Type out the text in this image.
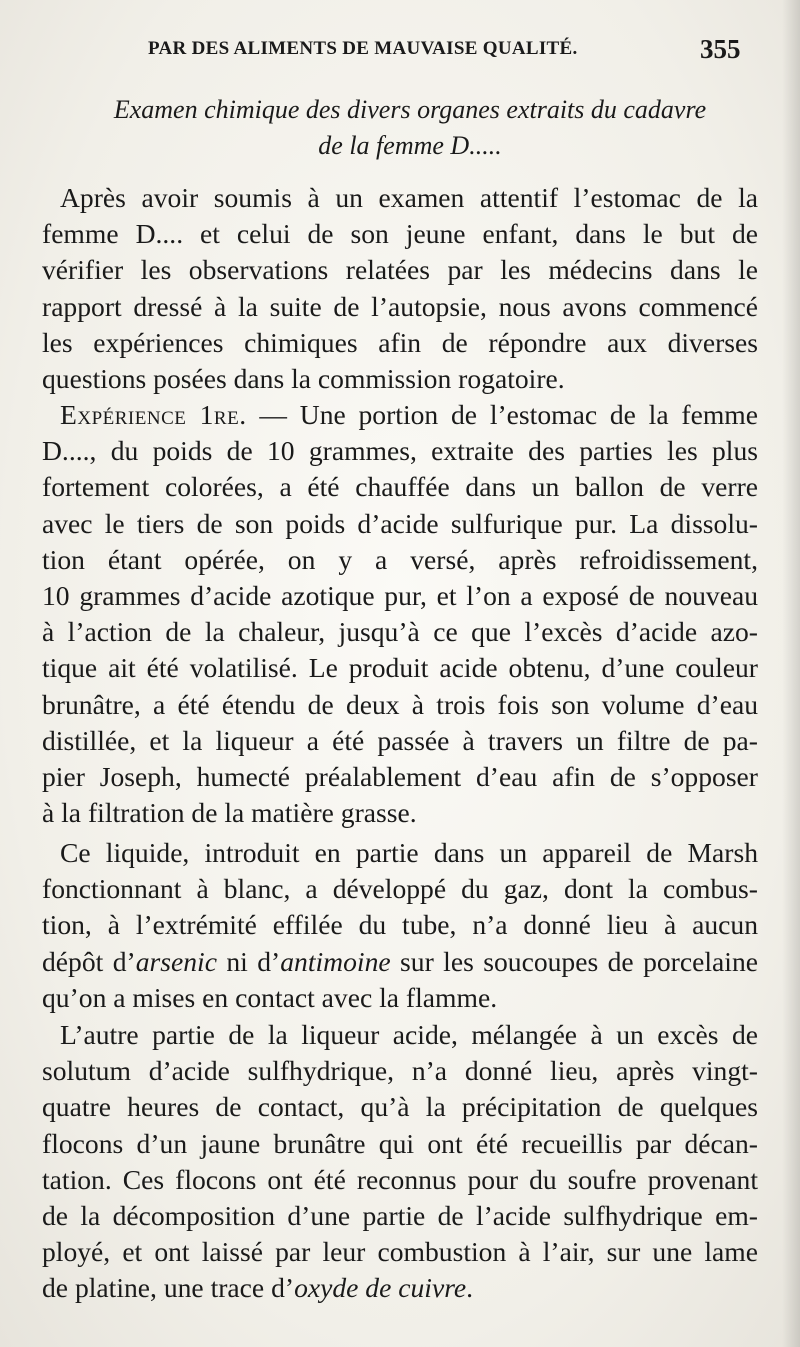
PAR DES ALIMENTS DE MAUVAISE QUALITÉ.	355
Examen chimique des divers organes extraits du cadavre
de la femme D.....
Après avoir soumis à un examen attentif l’estomac de la
femme D.... et celui de son jeune enfant, dans le but de
vérifier les observations relatées par les médecins dans le
rapport dressé à la suite de l’autopsie, nous avons commencé
les expériences chimiques afin de répondre aux diverses
questions posées dans la commission rogatoire.
Expérience 1re. — Une portion de l’estomac de la femme
D...., du poids de 10 grammes, extraite des parties les plus
fortement colorées, a été chauffée dans un ballon de verre
avec le tiers de son poids d’acide sulfurique pur. La dissolu-
tion étant opérée, on y a versé, après refroidissement,
10 grammes d’acide azotique pur, et l’on a exposé de nouveau
à l’action de la chaleur, jusqu’à ce que l’excès d’acide azo-
tique ait été volatilisé. Le produit acide obtenu, d’une couleur
brunâtre, a été étendu de deux à trois fois son volume d’eau
distillée, et la liqueur a été passée à travers un filtre de pa-
pier Joseph, humecté préalablement d’eau afin de s’opposer
à la filtration de la matière grasse.
Ce liquide, introduit en partie dans un appareil de Marsh
fonctionnant à blanc, a développé du gaz, dont la combus-
tion, à l’extrémité effilée du tube, n’a donné lieu à aucun
dépôt d’arsenic ni d’antimoine sur les soucoupes de porcelaine
qu’on a mises en contact avec la flamme.
L’autre partie de la liqueur acide, mélangée à un excès de
solutum d’acide sulfhydrique, n’a donné lieu, après vingt-
quatre heures de contact, qu’à la précipitation de quelques
flocons d’un jaune brunâtre qui ont été recueillis par décan-
tation. Ces flocons ont été reconnus pour du soufre provenant
de la décomposition d’une partie de l’acide sulfhydrique em-
ployé, et ont laissé par leur combustion à l’air, sur une lame
de platine, une trace d’oxyde de cuivre.
